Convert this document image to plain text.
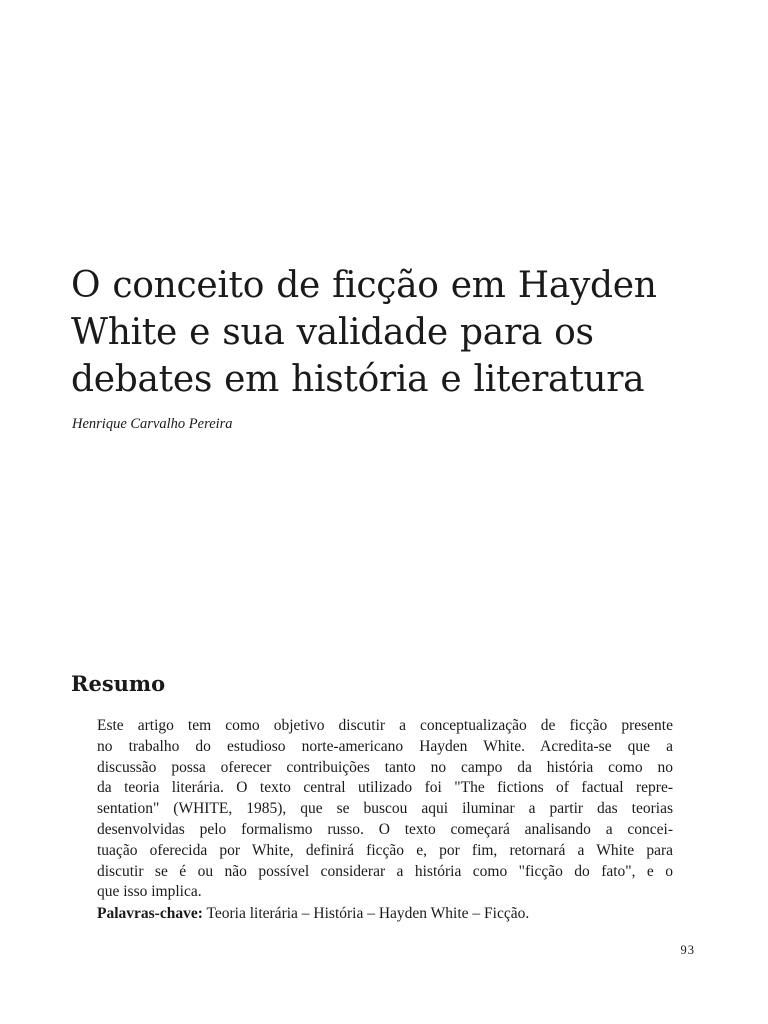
O conceito de ficção em Hayden
White e sua validade para os
debates em história e literatura

Henrique Carvalho Pereira

Resumo
Este artigo tem como objetivo discutir a conceptualização de ficção presente
no trabalho do estudioso norte-americano Hayden White. Acredita-se que a
discussão possa oferecer contribuições tanto no campo da história como no
da teoria literária. O texto central utilizado foi "The fictions of factual repre-
sentation" (WHITE, 1985), que se buscou aqui iluminar a partir das teorias
desenvolvidas pelo formalismo russo. O texto começará analisando a concei-
tuação oferecida por White, definirá ficção e, por fim, retornará a White para
discutir se é ou não possível considerar a história como "ficção do fato", e o
que isso implica.

Palavras-chave: Teoria literária – História – Hayden White – Ficção.

93
